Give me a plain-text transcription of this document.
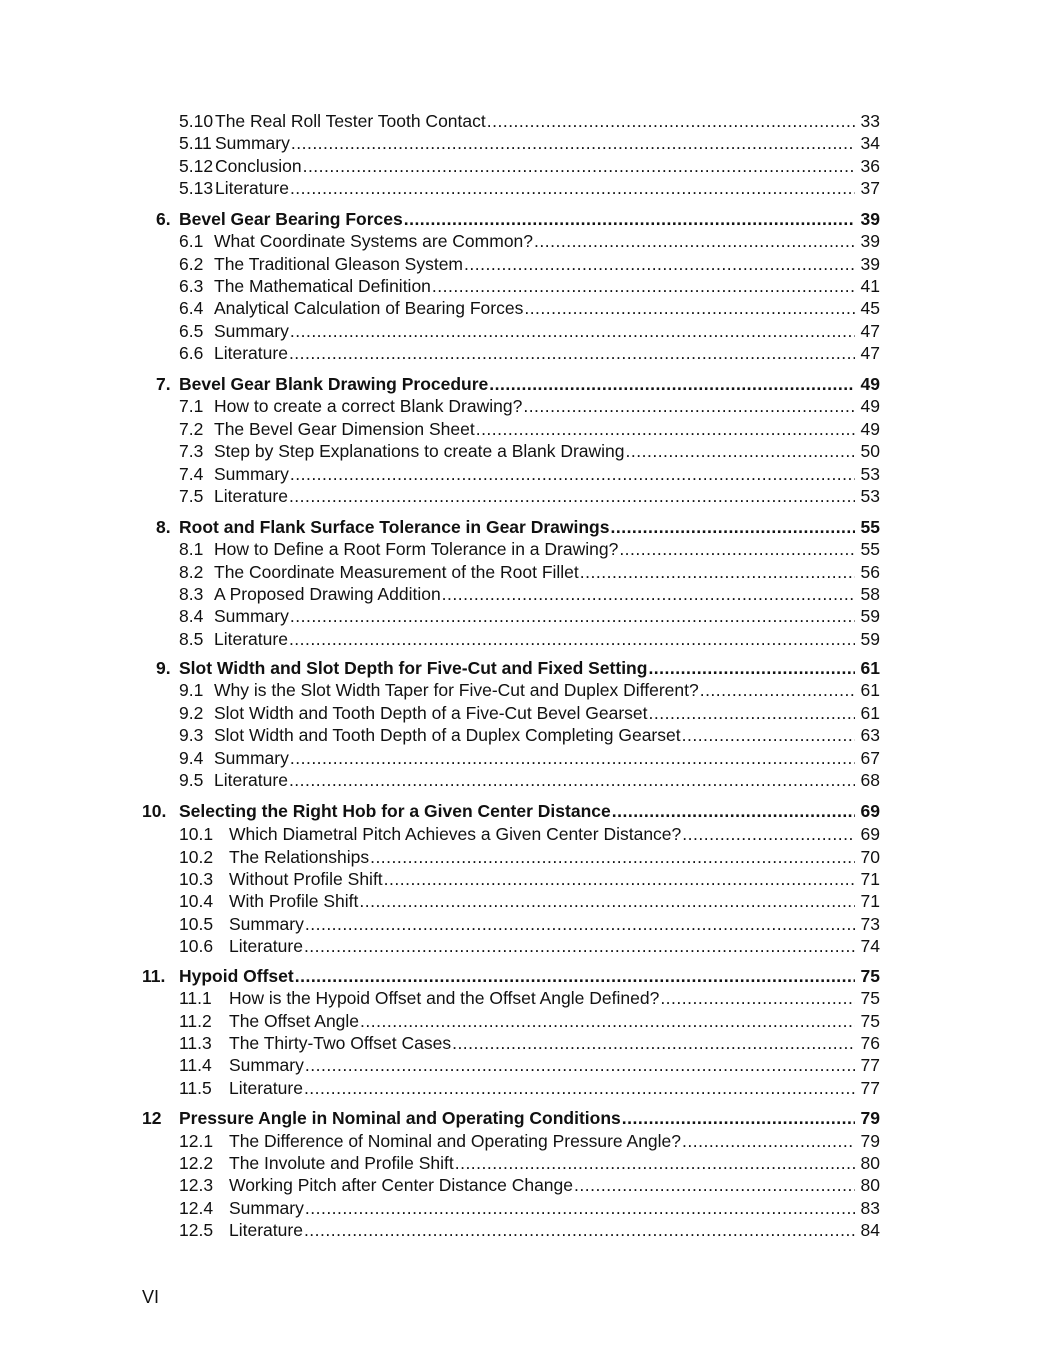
5.10 The Real Roll Tester Tooth Contact .....	33
5.11 Summary .....	34
5.12 Conclusion .....	36
5.13 Literature .....	37
6. Bevel Gear Bearing Forces .....	39
6.1 What Coordinate Systems are Common? .....	39
6.2 The Traditional Gleason System .....	39
6.3 The Mathematical Definition .....	41
6.4 Analytical Calculation of Bearing Forces .....	45
6.5 Summary .....	47
6.6 Literature .....	47
7. Bevel Gear Blank Drawing Procedure .....	49
7.1 How to create a correct Blank Drawing? .....	49
7.2 The Bevel Gear Dimension Sheet .....	49
7.3 Step by Step Explanations to create a Blank Drawing .....	50
7.4 Summary .....	53
7.5 Literature .....	53
8. Root and Flank Surface Tolerance in Gear Drawings .....	55
8.1 How to Define a Root Form Tolerance in a Drawing? .....	55
8.2 The Coordinate Measurement of the Root Fillet .....	56
8.3 A Proposed Drawing Addition .....	58
8.4 Summary .....	59
8.5 Literature .....	59
9. Slot Width and Slot Depth for Five-Cut and Fixed Setting .....	61
9.1 Why is the Slot Width Taper for Five-Cut and Duplex Different? .....	61
9.2 Slot Width and Tooth Depth of a Five-Cut Bevel Gearset .....	61
9.3 Slot Width and Tooth Depth of a Duplex Completing Gearset .....	63
9.4 Summary .....	67
9.5 Literature .....	68
10. Selecting the Right Hob for a Given Center Distance .....	69
10.1 Which Diametral Pitch Achieves a Given Center Distance? .....	69
10.2 The Relationships .....	70
10.3 Without Profile Shift .....	71
10.4 With Profile Shift .....	71
10.5 Summary .....	73
10.6 Literature .....	74
11. Hypoid Offset .....	75
11.1 How is the Hypoid Offset and the Offset Angle Defined? .....	75
11.2 The Offset Angle .....	75
11.3 The Thirty-Two Offset Cases .....	76
11.4 Summary .....	77
11.5 Literature .....	77
12	Pressure Angle in Nominal and Operating Conditions .....	79
12.1 The Difference of Nominal and Operating Pressure Angle? .....	79
12.2 The Involute and Profile Shift .....	80
12.3 Working Pitch after Center Distance Change .....	80
12.4 Summary .....	83
12.5 Literature .....	84
VI
